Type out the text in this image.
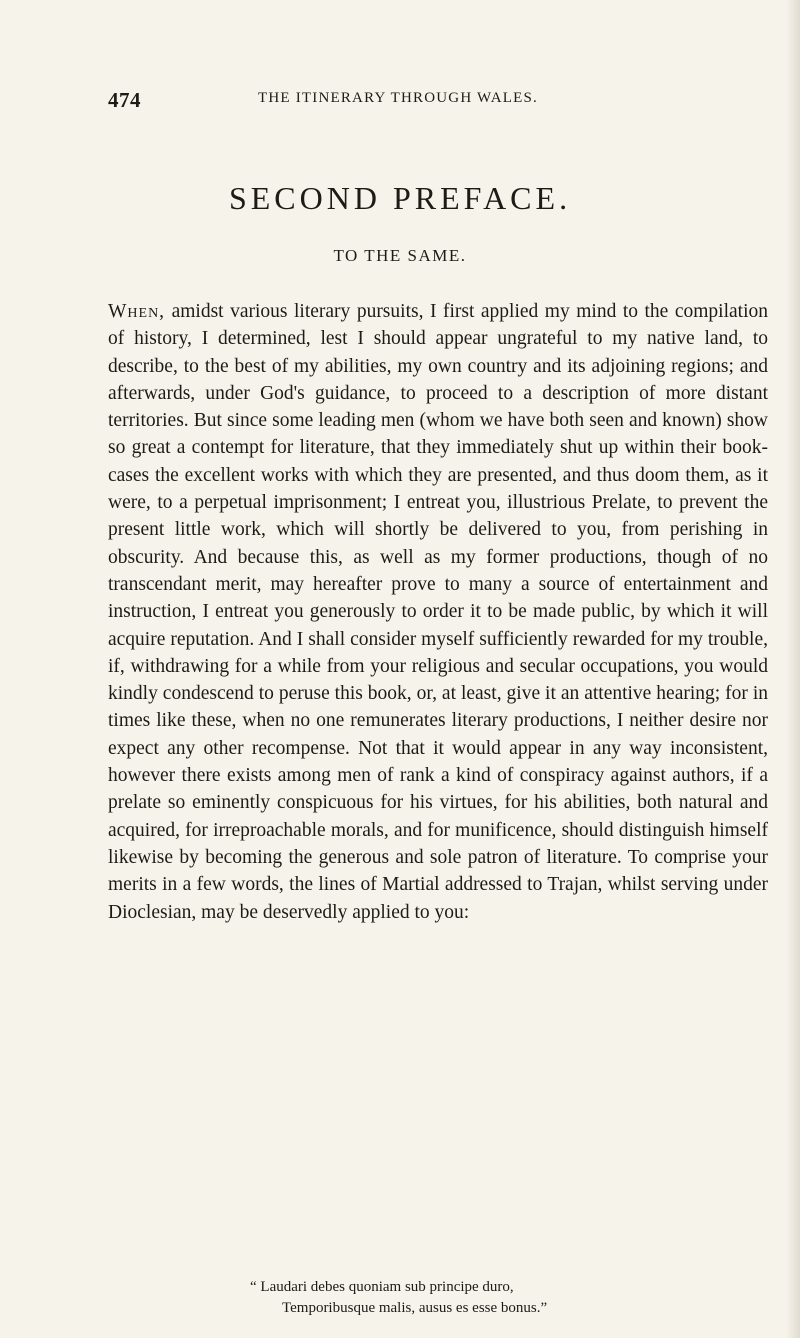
474	THE ITINERARY THROUGH WALES.
SECOND PREFACE.
TO THE SAME.

When, amidst various literary pursuits, I first applied my mind to the compilation of history, I determined, lest I should appear ungrateful to my native land, to describe, to the best of my abilities, my own country and its adjoining regions; and afterwards, under God's guidance, to proceed to a description of more distant territories. But since some leading men (whom we have both seen and known) show so great a contempt for literature, that they immediately shut up within their book-cases the excellent works with which they are presented, and thus doom them, as it were, to a perpetual imprisonment; I entreat you, illustrious Prelate, to prevent the present little work, which will shortly be delivered to you, from perishing in obscurity. And because this, as well as my former productions, though of no transcendant merit, may hereafter prove to many a source of entertainment and instruction, I entreat you generously to order it to be made public, by which it will acquire reputation. And I shall consider myself sufficiently rewarded for my trouble, if, withdrawing for a while from your religious and secular occupations, you would kindly condescend to peruse this book, or, at least, give it an attentive hearing; for in times like these, when no one remunerates literary productions, I neither desire nor expect any other recompense. Not that it would appear in any way inconsistent, however there exists among men of rank a kind of conspiracy against authors, if a prelate so eminently conspicuous for his virtues, for his abilities, both natural and acquired, for irreproachable morals, and for munificence, should distinguish himself likewise by becoming the generous and sole patron of literature. To comprise your merits in a few words, the lines of Martial addressed to Trajan, whilst serving under Dioclesian, may be deservedly applied to you:

“ Laudari debes quoniam sub principe duro,
Temporibusque malis, ausus es esse bonus.”
